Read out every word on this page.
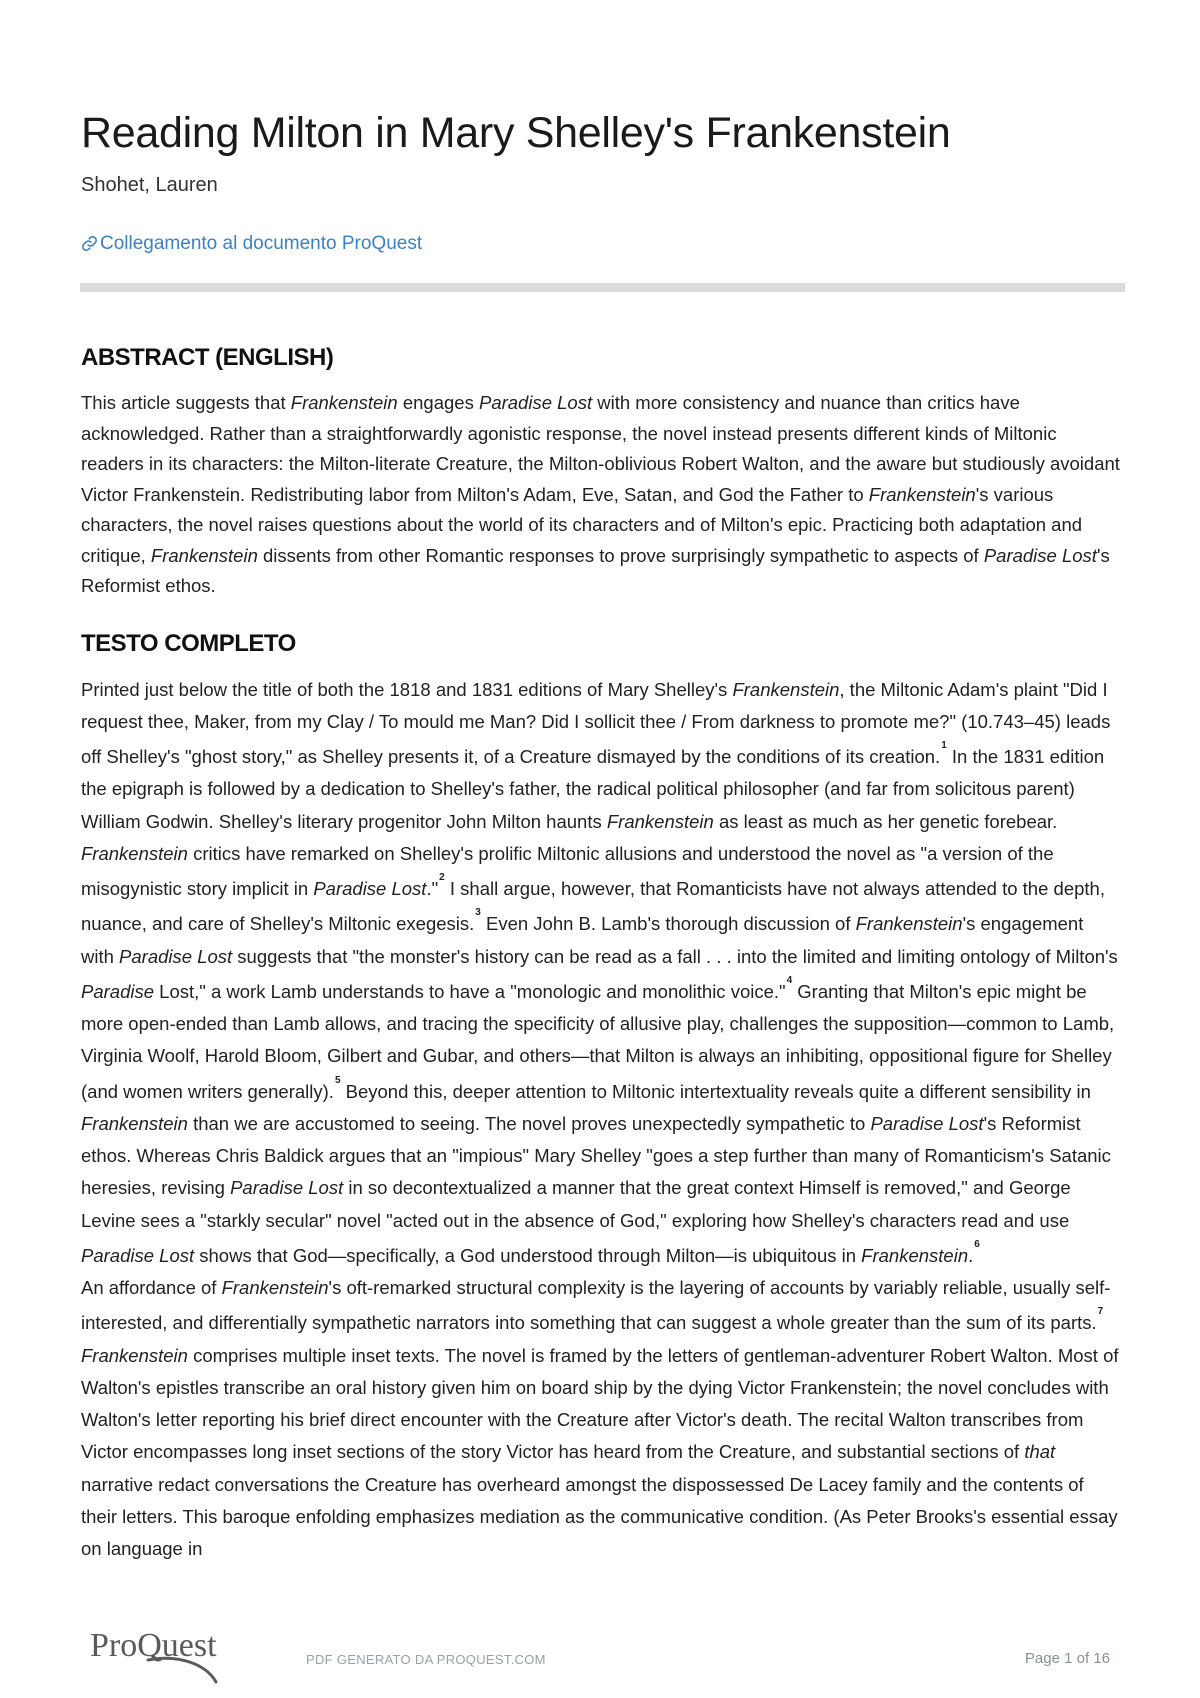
Reading Milton in Mary Shelley's Frankenstein
Shohet, Lauren
Collegamento al documento ProQuest
ABSTRACT (ENGLISH)

This article suggests that Frankenstein engages Paradise Lost with more consistency and nuance than critics have acknowledged. Rather than a straightforwardly agonistic response, the novel instead presents different kinds of Miltonic readers in its characters: the Milton-literate Creature, the Milton-oblivious Robert Walton, and the aware but studiously avoidant Victor Frankenstein. Redistributing labor from Milton's Adam, Eve, Satan, and God the Father to Frankenstein's various characters, the novel raises questions about the world of its characters and of Milton's epic. Practicing both adaptation and critique, Frankenstein dissents from other Romantic responses to prove surprisingly sympathetic to aspects of Paradise Lost's Reformist ethos.

TESTO COMPLETO

Printed just below the title of both the 1818 and 1831 editions of Mary Shelley's Frankenstein, the Miltonic Adam's plaint "Did I request thee, Maker, from my Clay / To mould me Man? Did I sollicit thee / From darkness to promote me?" (10.743–45) leads off Shelley's "ghost story," as Shelley presents it, of a Creature dismayed by the conditions of its creation.$^1$ In the 1831 edition the epigraph is followed by a dedication to Shelley's father, the radical political philosopher (and far from solicitous parent) William Godwin. Shelley's literary progenitor John Milton haunts Frankenstein as least as much as her genetic forebear. Frankenstein critics have remarked on Shelley's prolific Miltonic allusions and understood the novel as "a version of the misogynistic story implicit in Paradise Lost."$^2$ I shall argue, however, that Romanticists have not always attended to the depth, nuance, and care of Shelley's Miltonic exegesis.$^3$ Even John B. Lamb's thorough discussion of Frankenstein's engagement with Paradise Lost suggests that "the monster's history can be read as a fall . . . into the limited and limiting ontology of Milton's Paradise Lost," a work Lamb understands to have a "monologic and monolithic voice."$^4$ Granting that Milton's epic might be more open-ended than Lamb allows, and tracing the specificity of allusive play, challenges the supposition—common to Lamb, Virginia Woolf, Harold Bloom, Gilbert and Gubar, and others—that Milton is always an inhibiting, oppositional figure for Shelley (and women writers generally).$^5$ Beyond this, deeper attention to Miltonic intertextuality reveals quite a different sensibility in Frankenstein than we are accustomed to seeing. The novel proves unexpectedly sympathetic to Paradise Lost's Reformist ethos. Whereas Chris Baldick argues that an "impious" Mary Shelley "goes a step further than many of Romanticism's Satanic heresies, revising Paradise Lost in so decontextualized a manner that the great context Himself is removed," and George Levine sees a "starkly secular" novel "acted out in the absence of God," exploring how Shelley's characters read and use Paradise Lost shows that God—specifically, a God understood through Milton—is ubiquitous in Frankenstein.$^6$

An affordance of Frankenstein's oft-remarked structural complexity is the layering of accounts by variably reliable, usually self-interested, and differentially sympathetic narrators into something that can suggest a whole greater than the sum of its parts.$^7$ Frankenstein comprises multiple inset texts. The novel is framed by the letters of gentleman-adventurer Robert Walton. Most of Walton's epistles transcribe an oral history given him on board ship by the dying Victor Frankenstein; the novel concludes with Walton's letter reporting his brief direct encounter with the Creature after Victor's death. The recital Walton transcribes from Victor encompasses long inset sections of the story Victor has heard from the Creature, and substantial sections of that narrative redact conversations the Creature has overheard amongst the dispossessed De Lacey family and the contents of their letters. This baroque enfolding emphasizes mediation as the communicative condition. (As Peter Brooks's essential essay on language in

ProQuest	PDF GENERATO DA PROQUEST.COM	Page 1 of 16
